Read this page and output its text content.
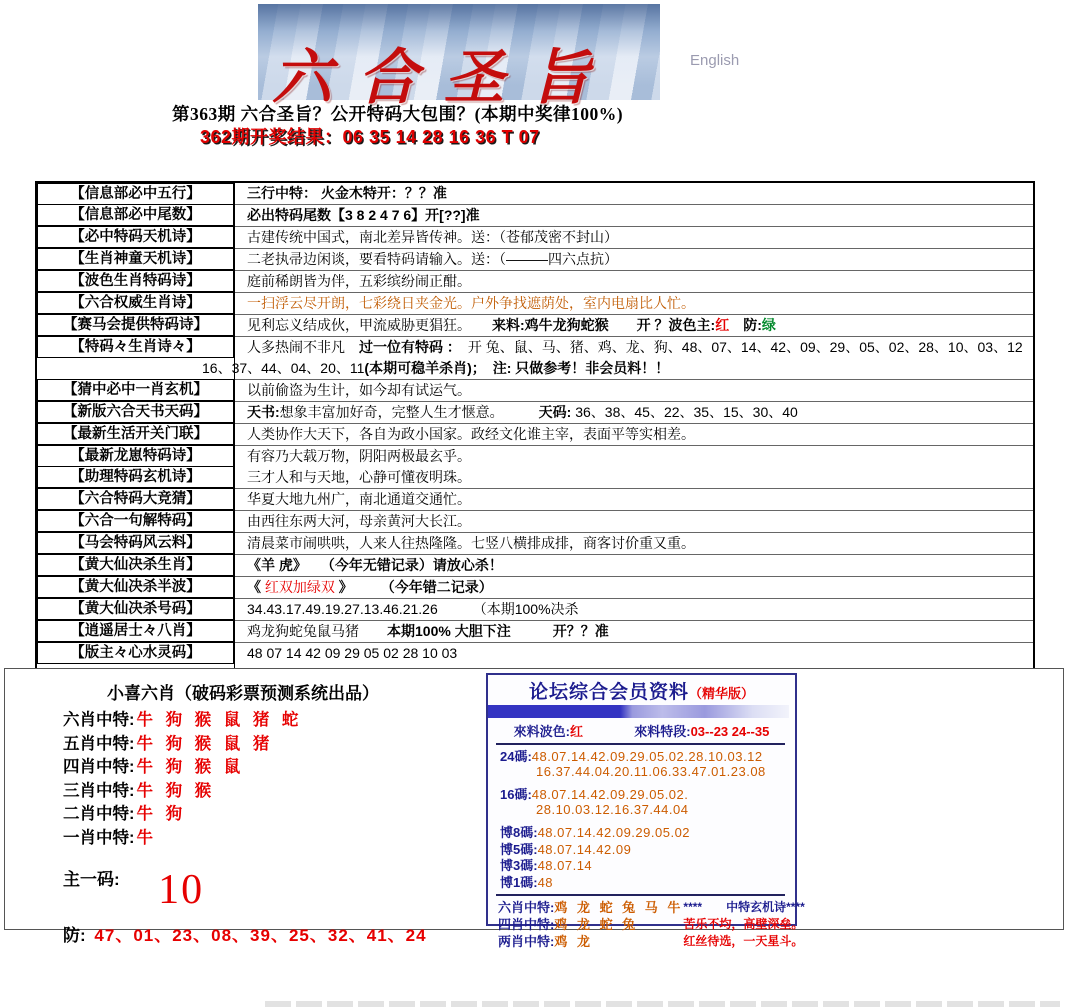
六合圣旨	English
第363期 六合圣旨？公开特码大包围？(本期中奖律100%)
362期开奖结果：06 35 14 28 16 36 T 07
【信息部必中五行】	三行中特： 火金木特开：？？准
【信息部必中尾数】	必出特码尾数【3 8 2 4 7 6】开[??]准
【必中特码天机诗】	古建传统中国式，南北差异皆传神。送：（苍郁茂密不封山）
【生肖神童天机诗】	二老执帚边闲谈，要看特码请输入。送：（———四六点抗）
【波色生肖特码诗】	庭前稀朗皆为伴，五彩缤纷闹正酣。
【六合权威生肖诗】	一扫浮云尽开朗，七彩绕日夹金光。户外争找遮荫处，室内电扇比人忙。
【赛马会提供特码诗】	见利忘义结成伙，甲流威胁更猖狂。　　来料:鸡牛龙狗蛇猴　　开 ？波色主:红　防:绿
【特码々生肖诗々】	人多热闹不非凡　过一位有特码 ：　开 兔、鼠、马、猪、鸡、龙、狗、48、07、14、42、09、29、05、02、28、10、03、12
16、37、44、04、20、11(本期可稳羊杀肖)；　注: 只做参考！非会员料！！
【猜中必中一肖玄机】	以前偷盗为生计，如今却有试运气。
【新版六合天书天码】	天书:想象丰富加好奇，完整人生才惬意。　　　天码: 36、38、45、22、35、15、30、40
【最新生活开关门联】	人类协作大天下，各自为政小国家。政经文化谁主宰，表面平等实相差。
【最新龙崽特码诗】	有容乃大载万物，阴阳两极最玄乎。
【助理特码玄机诗】	三才人和与天地，心静可懂夜明珠。
【六合特码大竞猜】	华夏大地九州广，南北通道交通忙。
【六合一句解特码】	由西往东两大河，母亲黄河大长江。
【马会特码风云料】	清晨菜市闹哄哄，人来人往热隆隆。七竖八横排成排，商客讨价重又重。
【黄大仙决杀生肖】	《羊 虎》　　（今年无错记录）请放心杀！
【黄大仙决杀半波】	《 红双加绿双 》　　　（今年错二记录）
【黄大仙决杀号码】	34.43.17.49.19.27.13.46.21.26　　　（本期100%决杀
【逍遥居士々八肖】	鸡龙狗蛇兔鼠马猪　　本期100% 大胆下注　　　开？？准
【版主々心水灵码】	48 07 14 42 09 29 05 02 28 10 03
小喜六肖（破码彩票预测系统出品）
六肖中特: 牛 狗 猴 鼠 猪 蛇
五肖中特: 牛 狗 猴 鼠 猪
四肖中特: 牛 狗 猴 鼠
三肖中特: 牛 狗 猴
二肖中特: 牛 狗
一肖中特: 牛
主一码: 10
防: 47、01、23、08、39、25、32、41、24
论坛综合会员资料（精华版）
來料波色:红	來料特段:03--23 24--35
24碼:48.07.14.42.09.29.05.02.28.10.03.12
16.37.44.04.20.11.06.33.47.01.23.08
16碼:48.07.14.42.09.29.05.02.
28.10.03.12.16.37.44.04
博8碼:48.07.14.42.09.29.05.02
博5碼:48.07.14.42.09
博3碼:48.07.14
博1碼:48
六肖中特:鸡 龙 蛇 兔 马 牛
四肖中特:鸡 龙 蛇 兔
两肖中特:鸡 龙
****　　中特玄机诗****
苦乐不均，高壁深垒。
红丝待选，一天星斗。
